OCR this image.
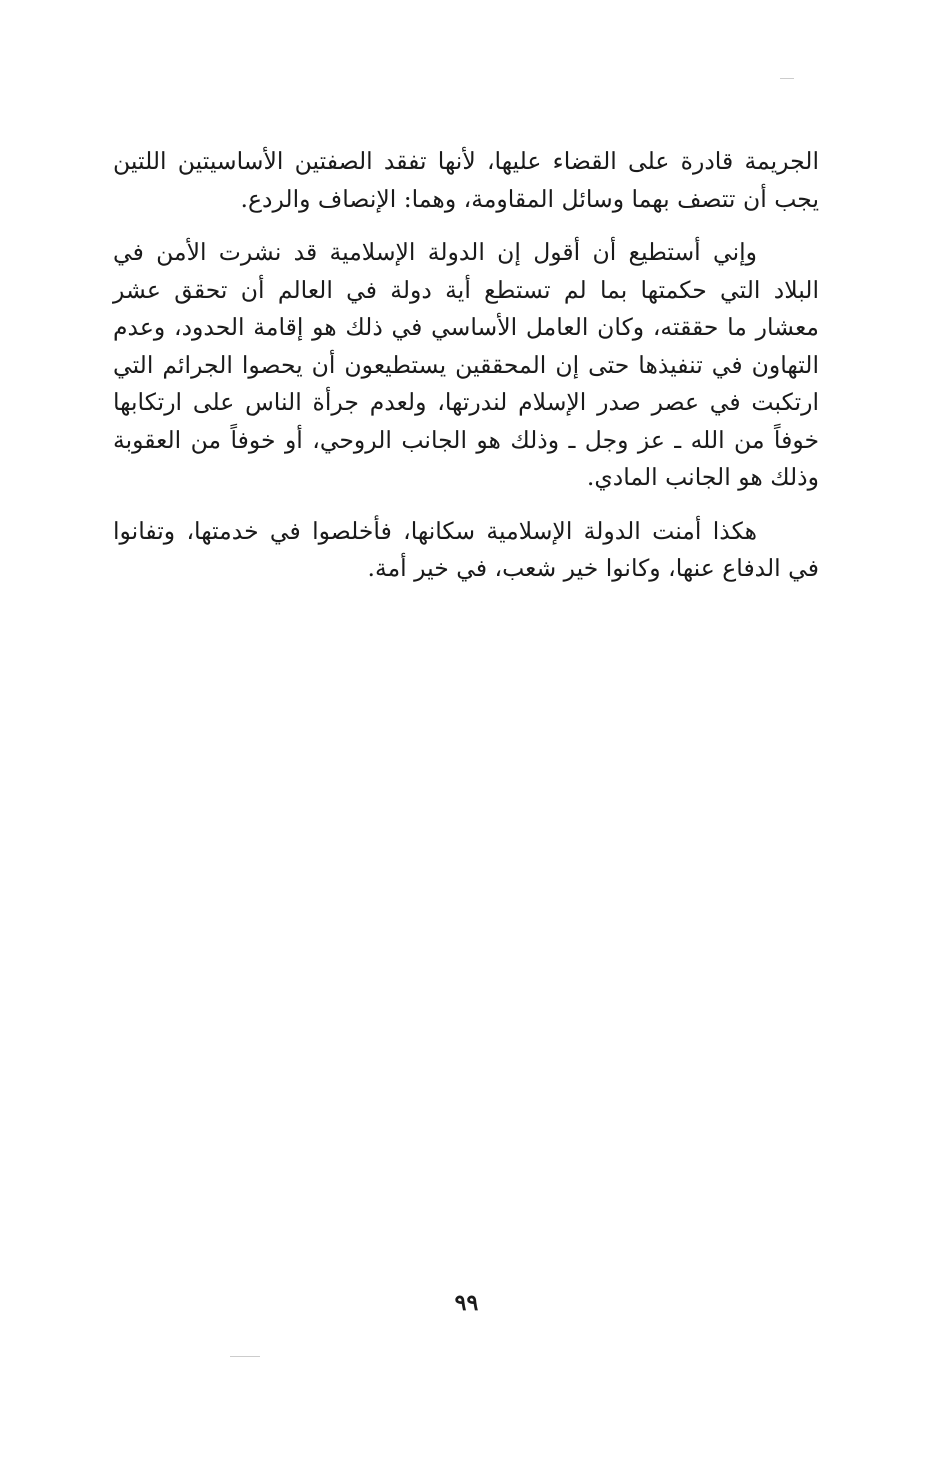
الجريمة قادرة على القضاء عليها، لأنها تفقد الصفتين الأساسيتين اللتين يجب أن تتصف بهما وسائل المقاومة، وهما: الإنصاف والردع.

وإني أستطيع أن أقول إن الدولة الإسلامية قد نشرت الأمن في البلاد التي حكمتها بما لم تستطع أية دولة في العالم أن تحقق عشر معشار ما حققته، وكان العامل الأساسي في ذلك هو إقامة الحدود، وعدم التهاون في تنفيذها حتى إن المحققين يستطيعون أن يحصوا الجرائم التي ارتكبت في عصر صدر الإسلام لندرتها، ولعدم جرأة الناس على ارتكابها خوفاً من الله ـ عز وجل ـ وذلك هو الجانب الروحي، أو خوفاً من العقوبة وذلك هو الجانب المادي.

هكذا أمنت الدولة الإسلامية سكانها، فأخلصوا في خدمتها، وتفانوا في الدفاع عنها، وكانوا خير شعب، في خير أمة.

٩٩
